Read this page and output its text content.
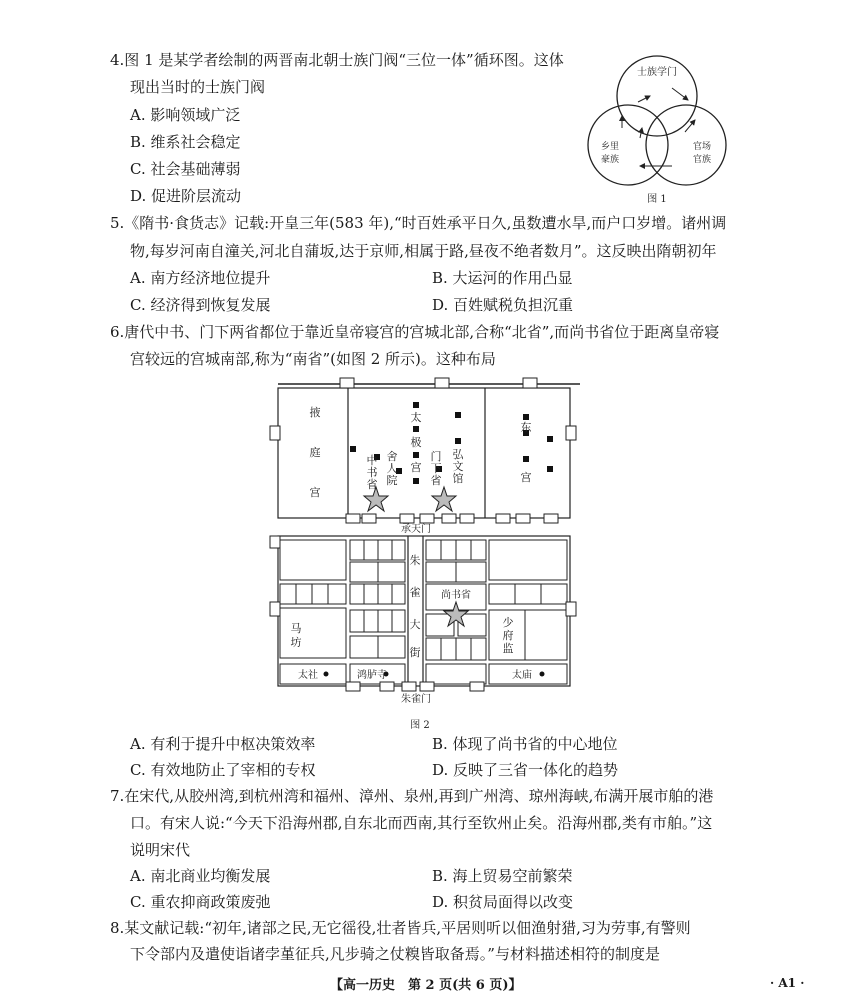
4.图 1 是某学者绘制的两晋南北朝士族门阀“三位一体”循环图。这体
现出当时的士族门阀
A. 影响领域广泛
B. 维系社会稳定
C. 社会基础薄弱
D. 促进阶层流动
士族学门
乡里
豪族
官场
官族
图 1
5.《隋书·食货志》记载:开皇三年(583 年),“时百姓承平日久,虽数遭水旱,而户口岁增。诸州调
物,每岁河南自潼关,河北自蒲坂,达于京师,相属于路,昼夜不绝者数月”。这反映出隋朝初年
A. 南方经济地位提升	B. 大运河的作用凸显
C. 经济得到恢复发展	D. 百姓赋税负担沉重
6.唐代中书、门下两省都位于靠近皇帝寝宫的宫城北部,合称“北省”,而尚书省位于距离皇帝寝
宫较远的宫城南部,称为“南省”(如图 2 所示)。这种布局
掖
庭
宫
中
书
省
舍
人
院
太
极
宫
门
下
省
弘
文
馆
东
宫
朱
雀
大
街
马
坊
少
府
监
承天门
尚书省
太社	鸿胪寺	太庙
朱雀门
图 2
A. 有利于提升中枢决策效率	B. 体现了尚书省的中心地位
C. 有效地防止了宰相的专权	D. 反映了三省一体化的趋势
7.在宋代,从胶州湾,到杭州湾和福州、漳州、泉州,再到广州湾、琼州海峡,布满开展市舶的港
口。有宋人说:“今天下沿海州郡,自东北而西南,其行至钦州止矣。沿海州郡,类有市舶。”这
说明宋代
A. 南北商业均衡发展	B. 海上贸易空前繁荣
C. 重农抑商政策废弛	D. 积贫局面得以改变
8.某文献记载:“初年,诸部之民,无它徭役,壮者皆兵,平居则听以佃渔射猎,习为劳事,有警则
下令部内及遣使诣诸孛堇征兵,凡步骑之仗糗皆取备焉。”与材料描述相符的制度是
【高一历史　第 2 页(共 6 页)】	· A1 ·
